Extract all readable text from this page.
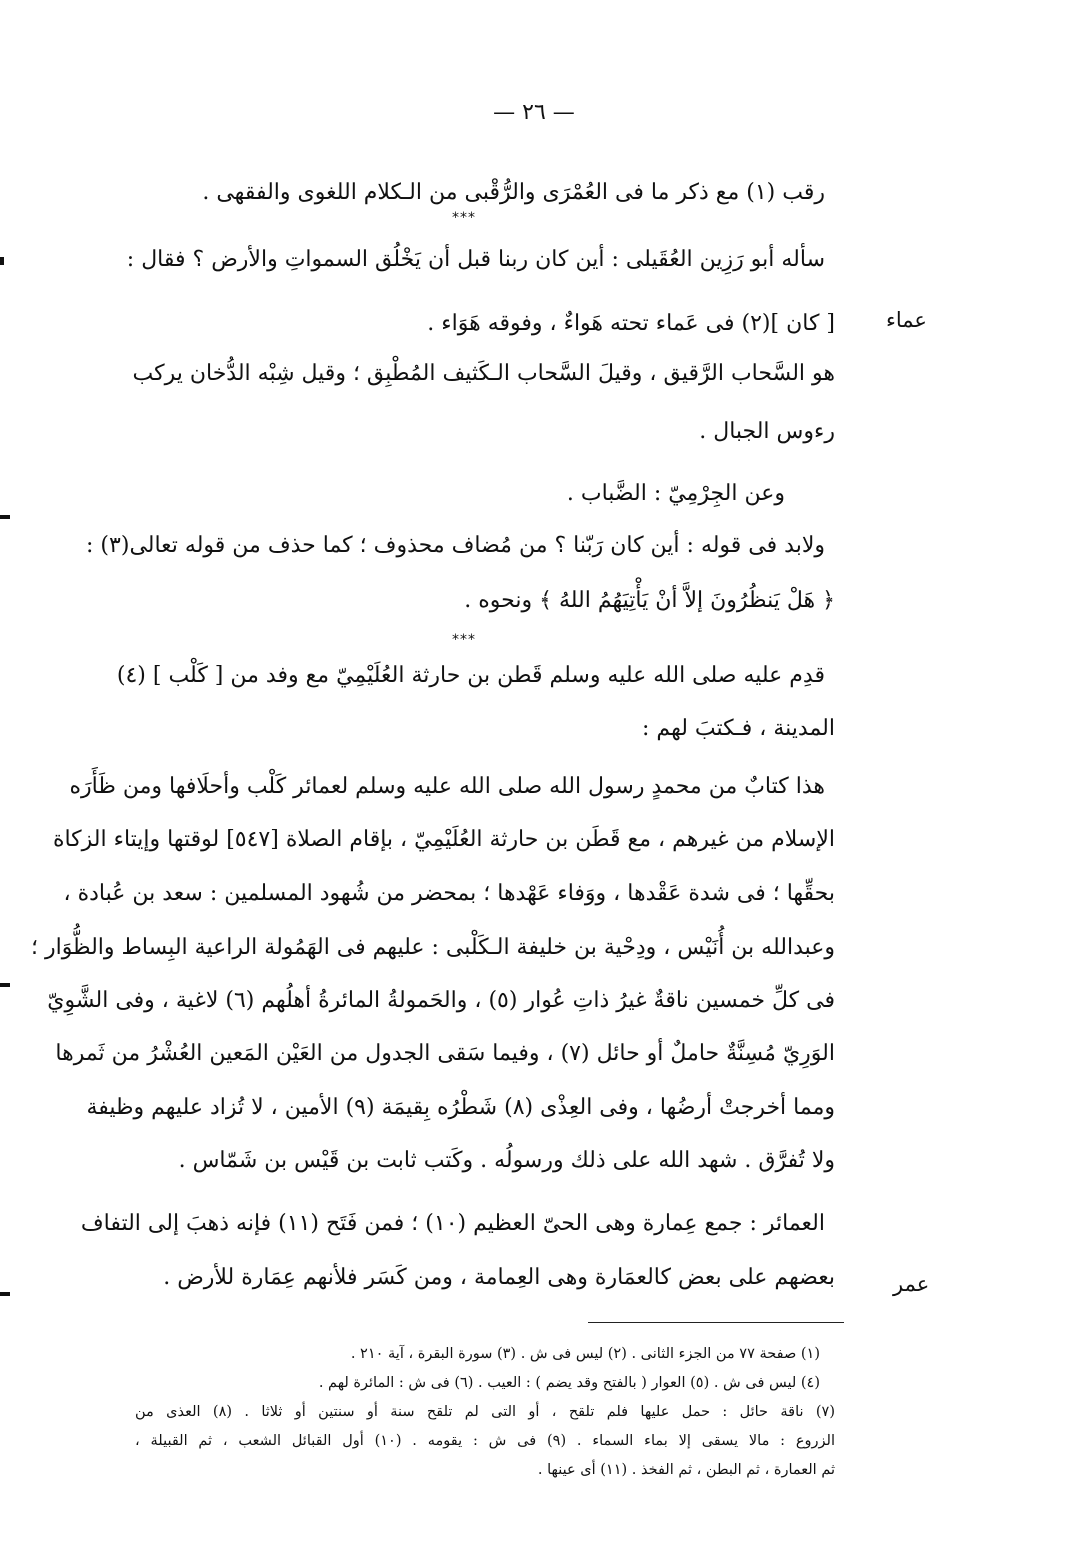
— ٢٦ —
رقب (١) مع ذكر ما فى العُمْرَى والرُّقْبى من الـكلام اللغوى والفقهى .
***
سأله أبو رَزِين العُقَيلى : أين كان ربنا قبل أن يَخْلُق السمواتِ والأرض ؟ فقال :
[ كان ](٢) فى عَماء تحته هَواءٌ ، وفوقه هَوَاء . عماء
هو السَّحاب الرَّقيق ، وقيلَ السَّحاب الـكَثيف المُطْبِق ؛ وقيل شِبْه الدُّخان يركب
رءوس الجبال .
وعن الجِرْمِيّ : الضَّباب .
ولابد فى قوله : أين كان رَبّنا ؟ من مُضاف محذوف ؛ كما حذف من قوله تعالى(٣) :
﴿ هَلْ يَنظُرُونَ إلاَّ أنْ يَأْتِيَهُمُ اللهُ ﴾ ونحوه .
***
قدِم عليه صلى الله عليه وسلم قَطن بن حارثة العُلَيْمِيّ مع وفد من [ كَلْب ] (٤)
المدينة ، فـكتبَ لهم :
هذا كتابٌ من محمدٍ رسول الله صلى الله عليه وسلم لعمائر كَلْب وأحلَافها ومن ظَأَرَه
الإسلام من غيرهم ، مع قَطَن بن حارثة العُلَيْمِيّ ، بإقام الصلاة [٥٤٧] لوقتها وإيتاء الزكاة
بحقِّها ؛ فى شدة عَقْدها ، ووَفاء عَهْدها ؛ بمحضر من شُهود المسلمين : سعد بن عُبادة ،
وعبدالله بن أُنَيْس ، ودِحْية بن خليفة الـكَلْبى : عليهم فى الهَمُولة الراعية البِساط والظُّوَار ؛
فى كلِّ خمسين ناقةٌ غيرُ ذاتِ عُوار (٥) ، والحَمولةُ المائرةُ أهلُهم (٦) لاغية ، وفى الشَّوِيّ
الوَرِيّ مُسِنَّةٌ حاملٌ أو حائل (٧) ، وفيما سَقى الجدول من العَيْن المَعين العُشْرُ من ثَمرها
ومما أخرجتْ أرضُها ، وفى العِذْى (٨) شَطْرُه بِقيمَة (٩) الأمين ، لا تُزاد عليهم وظيفة
ولا تُفرَّق . شهد الله على ذلك ورسولُه . وكَتب ثابت بن قَيْس بن شَمّاس .
العمائر : جمع عِمارة وهى الحىّ العظيم (١٠) ؛ فمن فَتَح (١١) فإنه ذهبَ إلى التفاف
بعضهم على بعض كالعمَارة وهى العِمامة ، ومن كَسَر فلأنهم عِمَارة للأرض .	عمر
(١) صفحة ٧٧ من الجزء الثانى . (٢) ليس فى ش . (٣) سورة البقرة ، آية ٢١٠ .
(٤) ليس فى ش . (٥) العوار ( بالفتح وقد يضم ) : العيب . (٦) فى ش : المائرة لهم .
(٧) ناقة حائل : حمل عليها فلم تلقح ، أو التى لم تلقح سنة أو سنتين أو ثلاثا . (٨) العذى من
الزروع : مالا يسقى إلا بماء السماء . (٩) فى ش : يقومه . (١٠) أول القبائل الشعب ، ثم القبيلة ،
ثم العمارة ، ثم البطن ، ثم الفخذ . (١١) أى عينها .
